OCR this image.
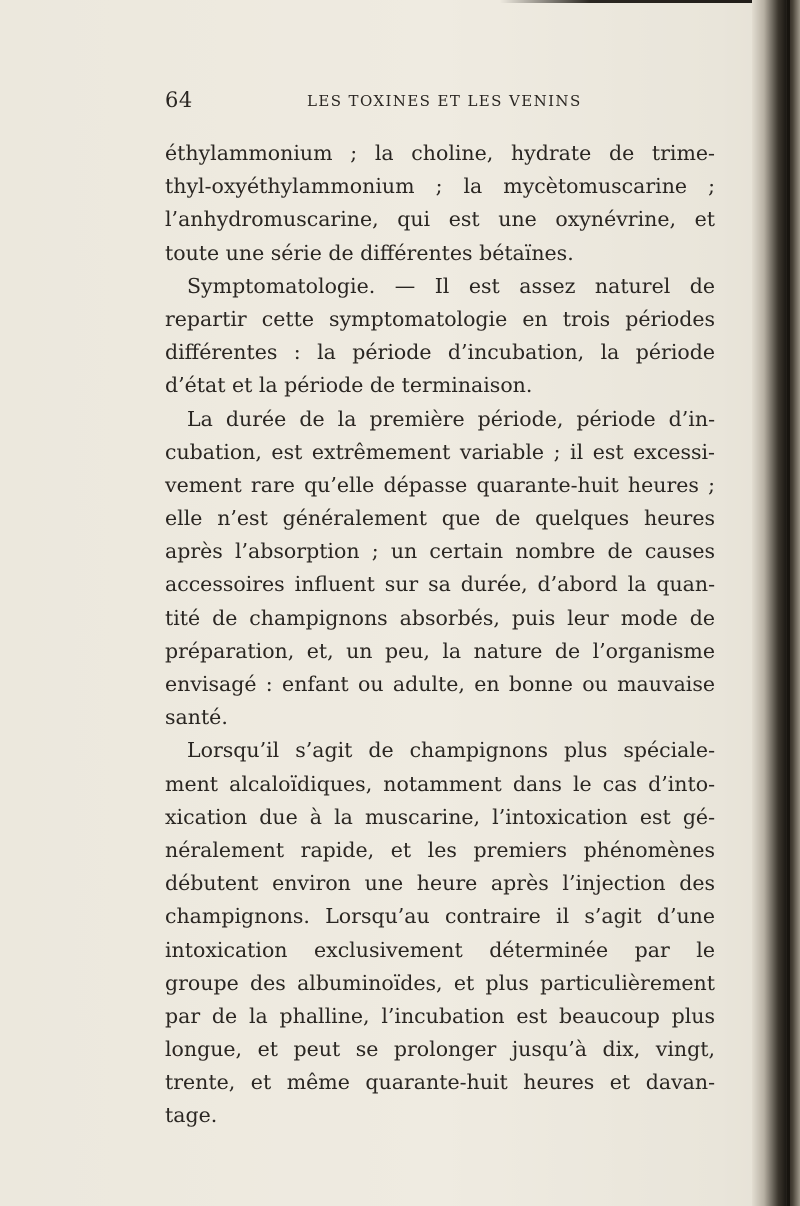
64	LES TOXINES ET LES VENINS
éthylammonium ; la choline, hydrate de trime-
thyl-oxyéthylammonium ; la mycètomuscarine ;
l’anhydromuscarine, qui est une oxynévrine, et
toute une série de différentes bétaïnes.
Symptomatologie. — Il est assez naturel de
repartir cette symptomatologie en trois périodes
différentes : la période d’incubation, la période
d’état et la période de terminaison.
La durée de la première période, période d’in-
cubation, est extrêmement variable ; il est excessi-
vement rare qu’elle dépasse quarante-huit heures ;
elle n’est généralement que de quelques heures
après l’absorption ; un certain nombre de causes
accessoires influent sur sa durée, d’abord la quan-
tité de champignons absorbés, puis leur mode de
préparation, et, un peu, la nature de l’organisme
envisagé : enfant ou adulte, en bonne ou mauvaise
santé.
Lorsqu’il s’agit de champignons plus spéciale-
ment alcaloïdiques, notamment dans le cas d’into-
xication due à la muscarine, l’intoxication est gé-
néralement rapide, et les premiers phénomènes
débutent environ une heure après l’injection des
champignons. Lorsqu’au contraire il s’agit d’une
intoxication exclusivement déterminée par le
groupe des albuminoïdes, et plus particulièrement
par de la phalline, l’incubation est beaucoup plus
longue, et peut se prolonger jusqu’à dix, vingt,
trente, et même quarante-huit heures et davan-
tage.
